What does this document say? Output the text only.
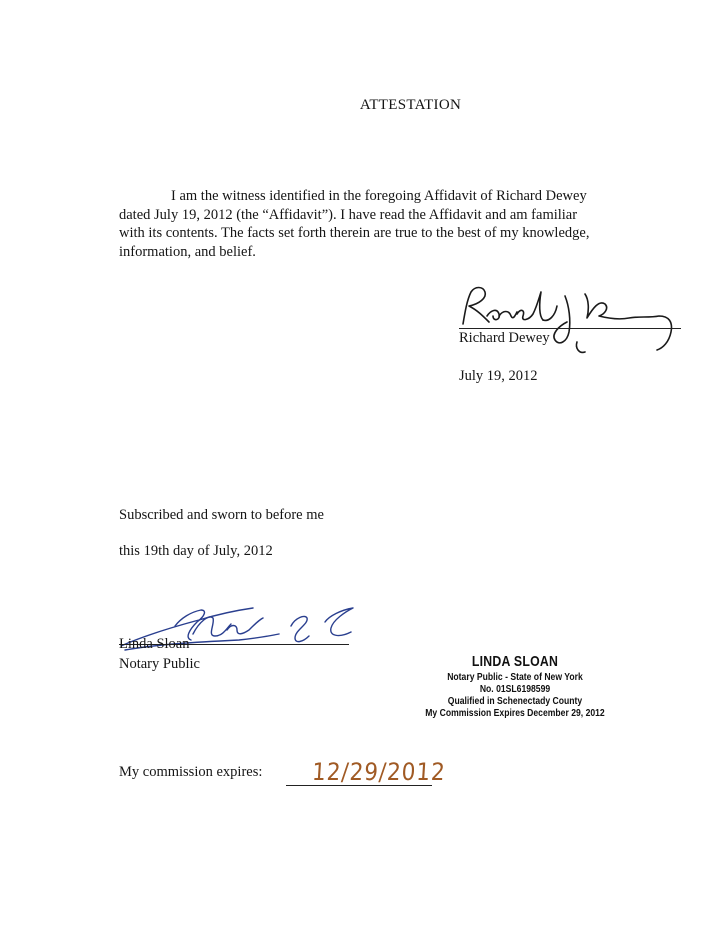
ATTESTATION
I am the witness identified in the foregoing Affidavit of Richard Dewey dated July 19, 2012 (the “Affidavit”). I have read the Affidavit and am familiar with its contents. The facts set forth therein are true to the best of my knowledge, information, and belief.
Richard Dewey
July 19, 2012
Subscribed and sworn to before me
this 19th day of July, 2012
Linda Sloan
Notary Public	LINDA SLOAN
Notary Public - State of New York
No. 01SL6198599
Qualified in Schenectady County
My Commission Expires December 29, 2012
My commission expires: 12/29/2012
